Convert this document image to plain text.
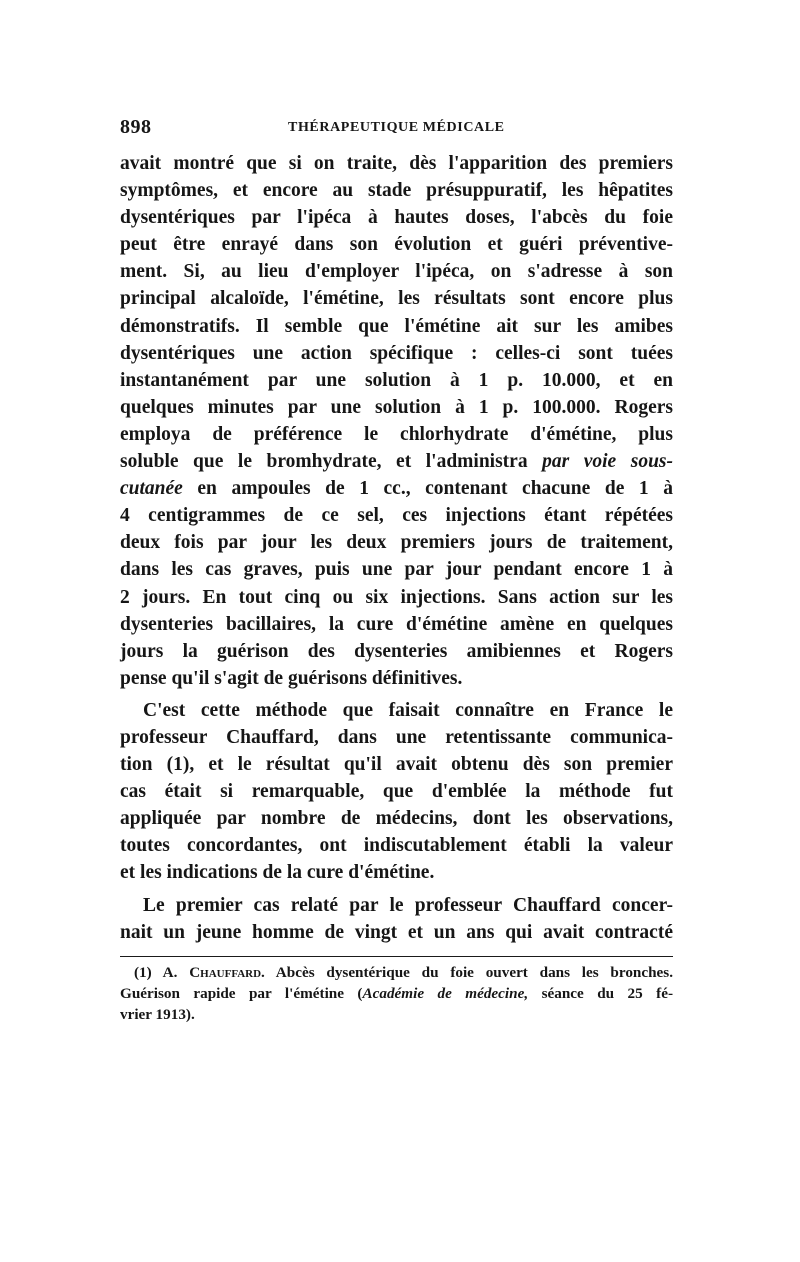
898	THÉRAPEUTIQUE MÉDICALE
avait montré que si on traite, dès l'apparition des premiers
symptômes, et encore au stade présuppuratif, les hêpatites
dysentériques par l'ipéca à hautes doses, l'abcès du foie
peut être enrayé dans son évolution et guéri préventive-
ment. Si, au lieu d'employer l'ipéca, on s'adresse à son
principal alcaloïde, l'émétine, les résultats sont encore plus
démonstratifs. Il semble que l'émétine ait sur les amibes
dysentériques une action spécifique : celles-ci sont tuées
instantanément par une solution à 1 p. 10.000, et en
quelques minutes par une solution à 1 p. 100.000. Rogers
employa de préférence le chlorhydrate d'émétine, plus
soluble que le bromhydrate, et l'administra par voie sous-
cutanée en ampoules de 1 cc., contenant chacune de 1 à
4 centigrammes de ce sel, ces injections étant répétées
deux fois par jour les deux premiers jours de traitement,
dans les cas graves, puis une par jour pendant encore 1 à
2 jours. En tout cinq ou six injections. Sans action sur les
dysenteries bacillaires, la cure d'émétine amène en quelques
jours la guérison des dysenteries amibiennes et Rogers
pense qu'il s'agit de guérisons définitives.
C'est cette méthode que faisait connaître en France le
professeur Chauffard, dans une retentissante communica-
tion (1), et le résultat qu'il avait obtenu dès son premier
cas était si remarquable, que d'emblée la méthode fut
appliquée par nombre de médecins, dont les observations,
toutes concordantes, ont indiscutablement établi la valeur
et les indications de la cure d'émétine.
Le premier cas relaté par le professeur Chauffard concer-
nait un jeune homme de vingt et un ans qui avait contracté
(1) A. Chauffard. Abcès dysentérique du foie ouvert dans les bronches.
Guérison rapide par l'émétine (Académie de médecine, séance du 25 fé-
vrier 1913).
